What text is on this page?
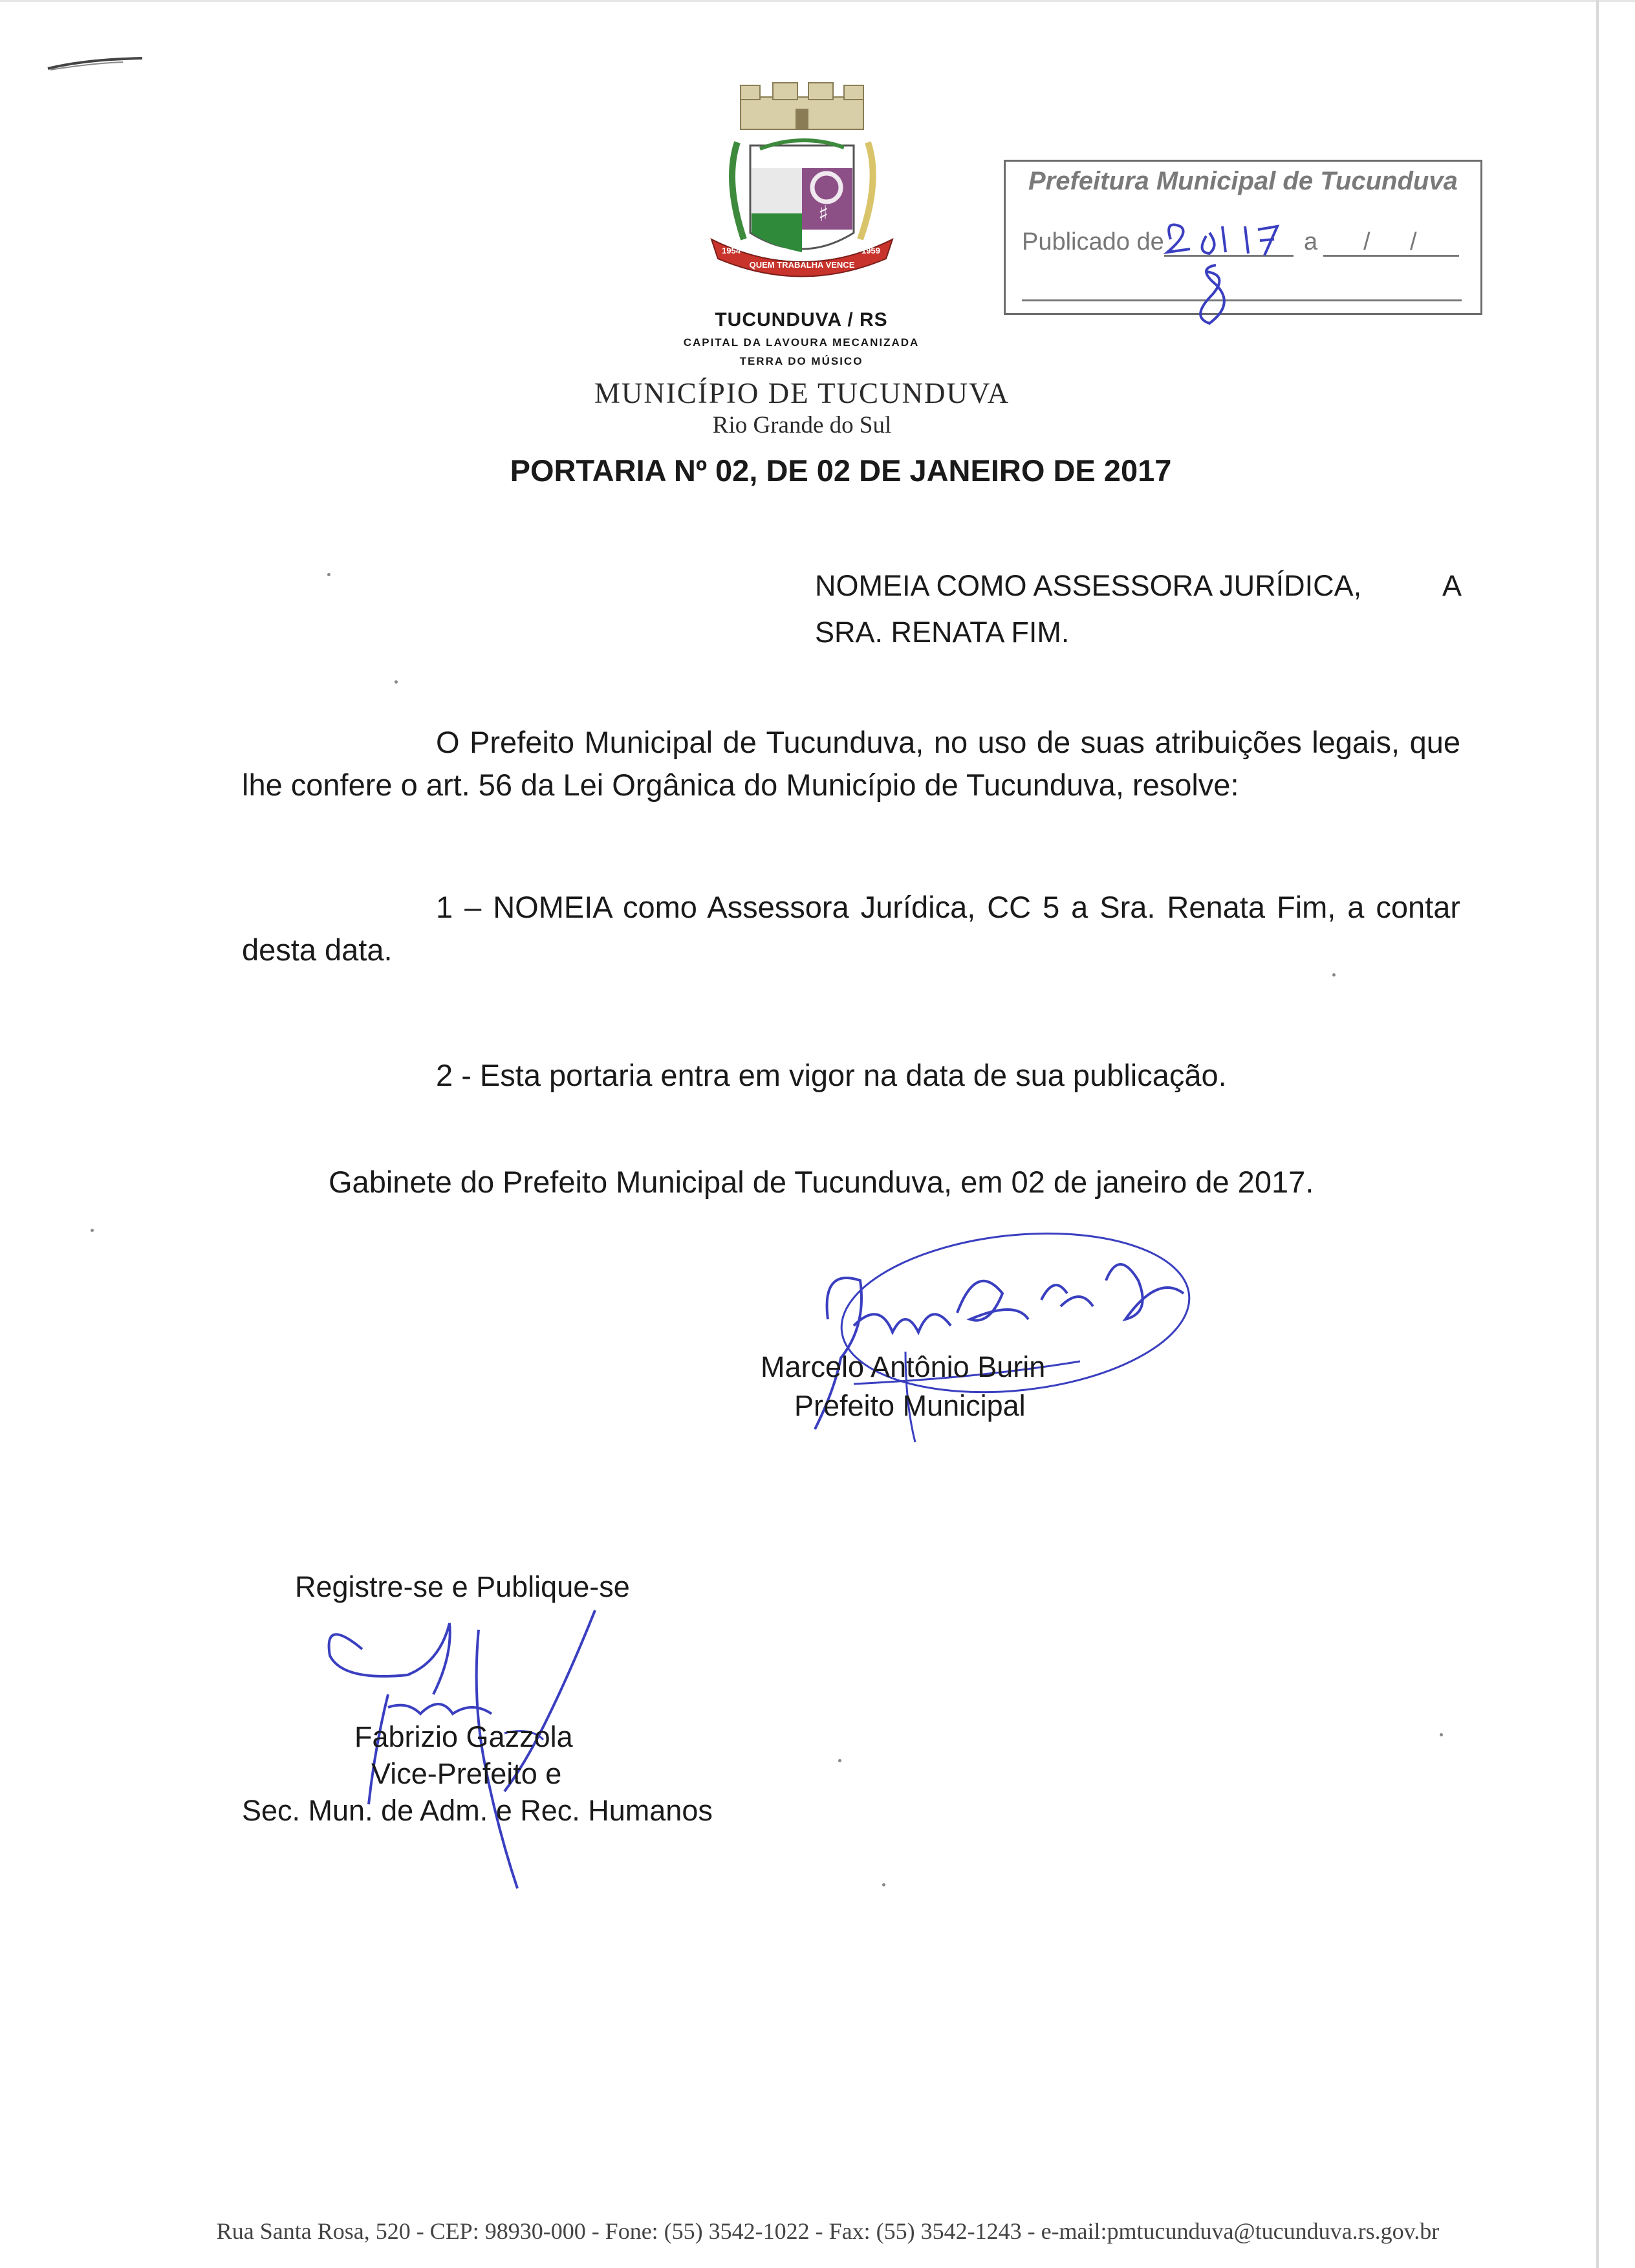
♯
1954	1959
QUEM TRABALHA VENCE
TUCUNDUVA / RS
CAPITAL DA LAVOURA MECANIZADA
TERRA DO MÚSICO
MUNICÍPIO DE TUCUNDUVA
Rio Grande do Sul
Prefeitura Municipal de Tucunduva
Publicado de	a / /
PORTARIA Nº 02, DE 02 DE JANEIRO DE 2017
NOMEIA COMO ASSESSORA JURÍDICA,	A
SRA. RENATA FIM.
O Prefeito Municipal de Tucunduva, no uso de suas atribuições legais, que lhe confere o art. 56 da Lei Orgânica do Município de Tucunduva, resolve:
1 – NOMEIA como Assessora Jurídica, CC 5 a Sra. Renata Fim, a contar desta data.
2 - Esta portaria entra em vigor na data de sua publicação.
Gabinete do Prefeito Municipal de Tucunduva, em 02 de janeiro de 2017.
Marcelo Antônio Burin
Prefeito Municipal
Registre-se e Publique-se
Fabrizio Gazzola
Vice-Prefeito e
Sec. Mun. de Adm. e Rec. Humanos
Rua Santa Rosa, 520 - CEP: 98930-000 - Fone: (55) 3542-1022 - Fax: (55) 3542-1243 - e-mail:pmtucunduva@tucunduva.rs.gov.br
